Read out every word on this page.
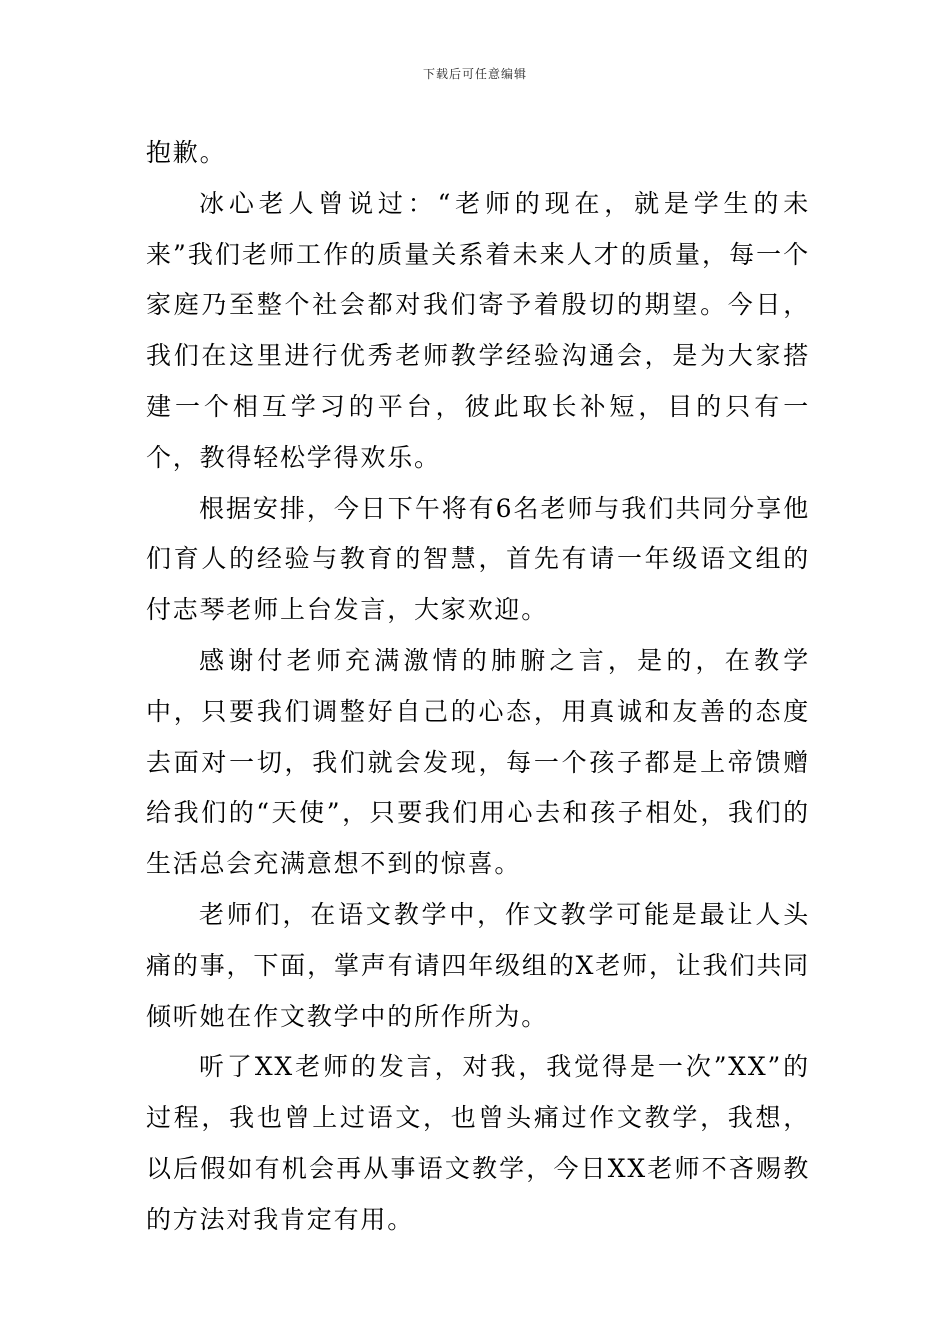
下载后可任意编辑

抱歉。

冰心老人曾说过：“老师的现在，就是学生的未来”我们老师工作的质量关系着未来人才的质量，每一个家庭乃至整个社会都对我们寄予着殷切的期望。今日，我们在这里进行优秀老师教学经验沟通会，是为大家搭建一个相互学习的平台，彼此取长补短，目的只有一个，教得轻松学得欢乐。

根据安排，今日下午将有6名老师与我们共同分享他们育人的经验与教育的智慧，首先有请一年级语文组的付志琴老师上台发言，大家欢迎。

感谢付老师充满激情的肺腑之言，是的，在教学中，只要我们调整好自己的心态，用真诚和友善的态度去面对一切，我们就会发现，每一个孩子都是上帝馈赠给我们的“天使”，只要我们用心去和孩子相处，我们的生活总会充满意想不到的惊喜。

老师们，在语文教学中，作文教学可能是最让人头痛的事，下面，掌声有请四年级组的X老师，让我们共同倾听她在作文教学中的所作所为。

听了XX老师的发言，对我，我觉得是一次”XX”的过程，我也曾上过语文，也曾头痛过作文教学，我想，以后假如有机会再从事语文教学，今日XX老师不吝赐教的方法对我肯定有用。
